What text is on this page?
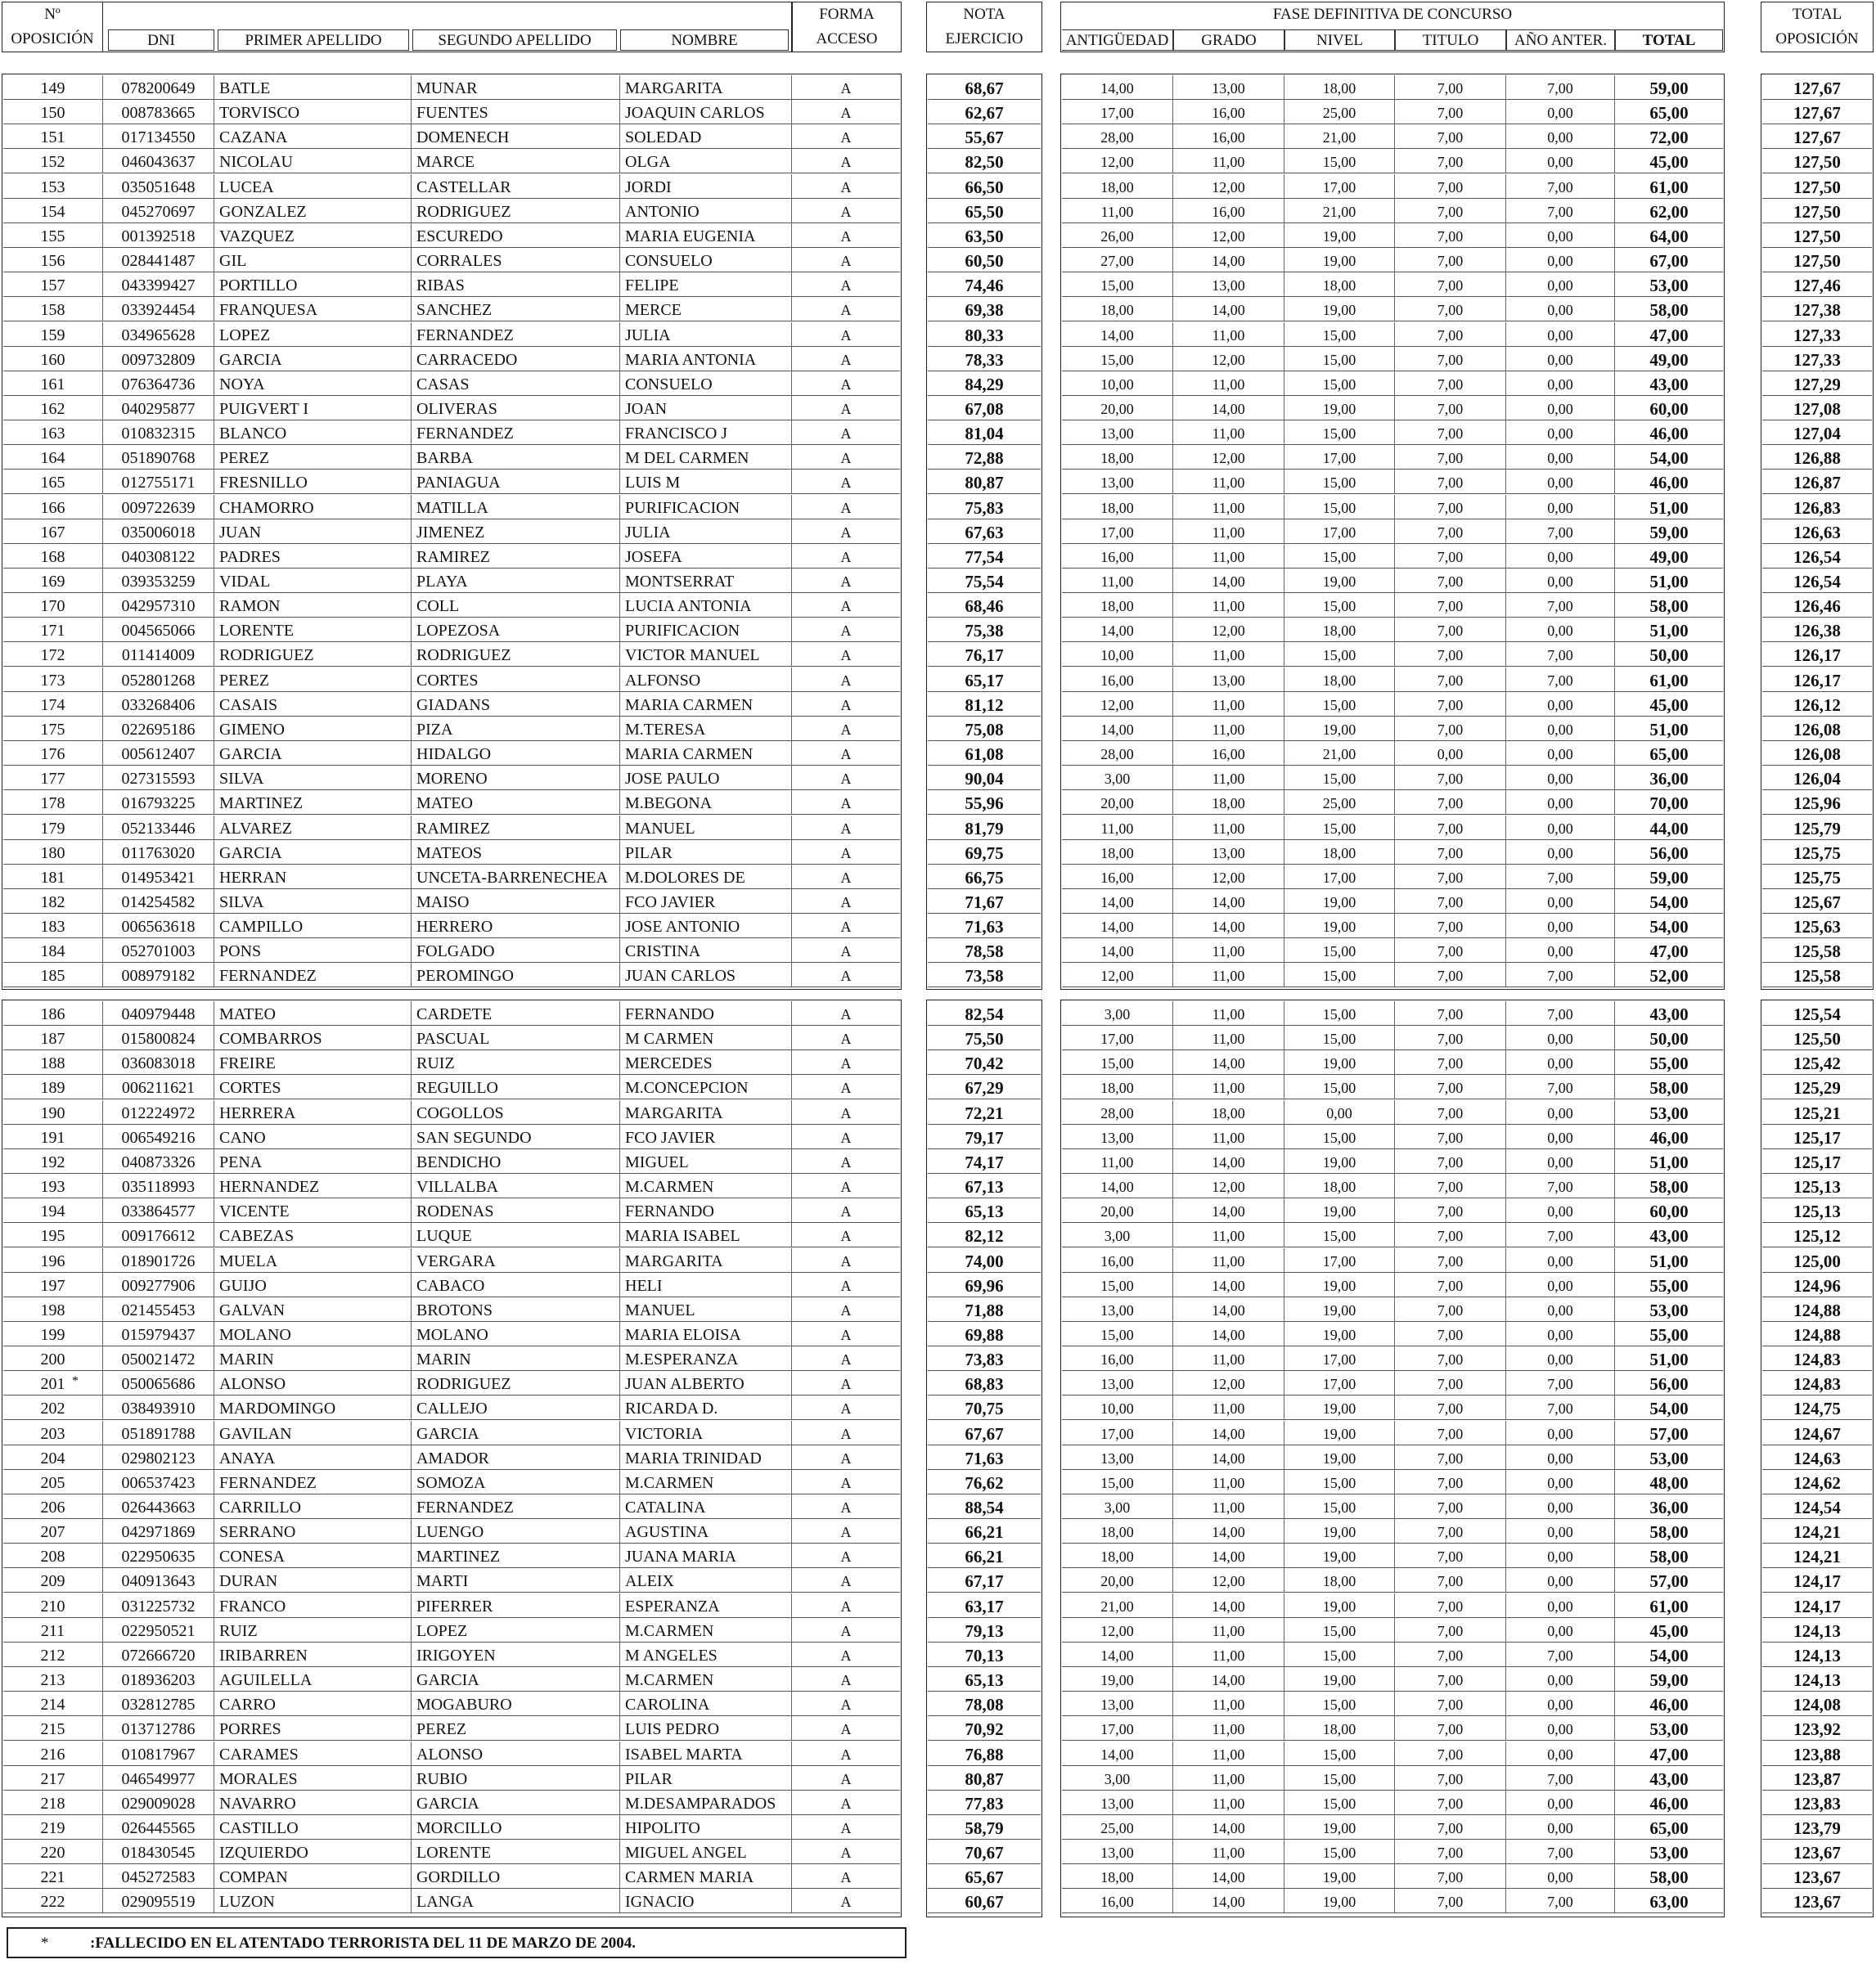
Nº
OPOSICIÓN	DNI	PRIMER APELLIDO	SEGUNDO APELLIDO	NOMBRE
FORMA
ACCESO
NOTA
EJERCICIO
FASE DEFINITIVA DE CONCURSO
ANTIGÜEDAD	GRADO	NIVEL	TITULO	AÑO ANTER.	TOTAL
TOTAL
OPOSICIÓN
149	078200649	BATLE	MUNAR	MARGARITA	A	68,67	14,00	13,00	18,00	7,00	7,00	59,00	127,67
150	008783665	TORVISCO	FUENTES	JOAQUIN CARLOS	A	62,67	17,00	16,00	25,00	7,00	0,00	65,00	127,67
151	017134550	CAZANA	DOMENECH	SOLEDAD	A	55,67	28,00	16,00	21,00	7,00	0,00	72,00	127,67
152	046043637	NICOLAU	MARCE	OLGA	A	82,50	12,00	11,00	15,00	7,00	0,00	45,00	127,50
153	035051648	LUCEA	CASTELLAR	JORDI	A	66,50	18,00	12,00	17,00	7,00	7,00	61,00	127,50
154	045270697	GONZALEZ	RODRIGUEZ	ANTONIO	A	65,50	11,00	16,00	21,00	7,00	7,00	62,00	127,50
155	001392518	VAZQUEZ	ESCUREDO	MARIA EUGENIA	A	63,50	26,00	12,00	19,00	7,00	0,00	64,00	127,50
156	028441487	GIL	CORRALES	CONSUELO	A	60,50	27,00	14,00	19,00	7,00	0,00	67,00	127,50
157	043399427	PORTILLO	RIBAS	FELIPE	A	74,46	15,00	13,00	18,00	7,00	0,00	53,00	127,46
158	033924454	FRANQUESA	SANCHEZ	MERCE	A	69,38	18,00	14,00	19,00	7,00	0,00	58,00	127,38
159	034965628	LOPEZ	FERNANDEZ	JULIA	A	80,33	14,00	11,00	15,00	7,00	0,00	47,00	127,33
160	009732809	GARCIA	CARRACEDO	MARIA ANTONIA	A	78,33	15,00	12,00	15,00	7,00	0,00	49,00	127,33
161	076364736	NOYA	CASAS	CONSUELO	A	84,29	10,00	11,00	15,00	7,00	0,00	43,00	127,29
162	040295877	PUIGVERT I	OLIVERAS	JOAN	A	67,08	20,00	14,00	19,00	7,00	0,00	60,00	127,08
163	010832315	BLANCO	FERNANDEZ	FRANCISCO J	A	81,04	13,00	11,00	15,00	7,00	0,00	46,00	127,04
164	051890768	PEREZ	BARBA	M DEL CARMEN	A	72,88	18,00	12,00	17,00	7,00	0,00	54,00	126,88
165	012755171	FRESNILLO	PANIAGUA	LUIS M	A	80,87	13,00	11,00	15,00	7,00	0,00	46,00	126,87
166	009722639	CHAMORRO	MATILLA	PURIFICACION	A	75,83	18,00	11,00	15,00	7,00	0,00	51,00	126,83
167	035006018	JUAN	JIMENEZ	JULIA	A	67,63	17,00	11,00	17,00	7,00	7,00	59,00	126,63
168	040308122	PADRES	RAMIREZ	JOSEFA	A	77,54	16,00	11,00	15,00	7,00	0,00	49,00	126,54
169	039353259	VIDAL	PLAYA	MONTSERRAT	A	75,54	11,00	14,00	19,00	7,00	0,00	51,00	126,54
170	042957310	RAMON	COLL	LUCIA ANTONIA	A	68,46	18,00	11,00	15,00	7,00	7,00	58,00	126,46
171	004565066	LORENTE	LOPEZOSA	PURIFICACION	A	75,38	14,00	12,00	18,00	7,00	0,00	51,00	126,38
172	011414009	RODRIGUEZ	RODRIGUEZ	VICTOR MANUEL	A	76,17	10,00	11,00	15,00	7,00	7,00	50,00	126,17
173	052801268	PEREZ	CORTES	ALFONSO	A	65,17	16,00	13,00	18,00	7,00	7,00	61,00	126,17
174	033268406	CASAIS	GIADANS	MARIA CARMEN	A	81,12	12,00	11,00	15,00	7,00	0,00	45,00	126,12
175	022695186	GIMENO	PIZA	M.TERESA	A	75,08	14,00	11,00	19,00	7,00	0,00	51,00	126,08
176	005612407	GARCIA	HIDALGO	MARIA CARMEN	A	61,08	28,00	16,00	21,00	0,00	0,00	65,00	126,08
177	027315593	SILVA	MORENO	JOSE PAULO	A	90,04	3,00	11,00	15,00	7,00	0,00	36,00	126,04
178	016793225	MARTINEZ	MATEO	M.BEGONA	A	55,96	20,00	18,00	25,00	7,00	0,00	70,00	125,96
179	052133446	ALVAREZ	RAMIREZ	MANUEL	A	81,79	11,00	11,00	15,00	7,00	0,00	44,00	125,79
180	011763020	GARCIA	MATEOS	PILAR	A	69,75	18,00	13,00	18,00	7,00	0,00	56,00	125,75
181	014953421	HERRAN	UNCETA-BARRENECHEA	M.DOLORES DE	A	66,75	16,00	12,00	17,00	7,00	7,00	59,00	125,75
182	014254582	SILVA	MAISO	FCO JAVIER	A	71,67	14,00	14,00	19,00	7,00	0,00	54,00	125,67
183	006563618	CAMPILLO	HERRERO	JOSE ANTONIO	A	71,63	14,00	14,00	19,00	7,00	0,00	54,00	125,63
184	052701003	PONS	FOLGADO	CRISTINA	A	78,58	14,00	11,00	15,00	7,00	0,00	47,00	125,58
185	008979182	FERNANDEZ	PEROMINGO	JUAN CARLOS	A	73,58	12,00	11,00	15,00	7,00	7,00	52,00	125,58
186	040979448	MATEO	CARDETE	FERNANDO	A	82,54	3,00	11,00	15,00	7,00	7,00	43,00	125,54
187	015800824	COMBARROS	PASCUAL	M CARMEN	A	75,50	17,00	11,00	15,00	7,00	0,00	50,00	125,50
188	036083018	FREIRE	RUIZ	MERCEDES	A	70,42	15,00	14,00	19,00	7,00	0,00	55,00	125,42
189	006211621	CORTES	REGUILLO	M.CONCEPCION	A	67,29	18,00	11,00	15,00	7,00	7,00	58,00	125,29
190	012224972	HERRERA	COGOLLOS	MARGARITA	A	72,21	28,00	18,00	0,00	7,00	0,00	53,00	125,21
191	006549216	CANO	SAN SEGUNDO	FCO JAVIER	A	79,17	13,00	11,00	15,00	7,00	0,00	46,00	125,17
192	040873326	PENA	BENDICHO	MIGUEL	A	74,17	11,00	14,00	19,00	7,00	0,00	51,00	125,17
193	035118993	HERNANDEZ	VILLALBA	M.CARMEN	A	67,13	14,00	12,00	18,00	7,00	7,00	58,00	125,13
194	033864577	VICENTE	RODENAS	FERNANDO	A	65,13	20,00	14,00	19,00	7,00	0,00	60,00	125,13
195	009176612	CABEZAS	LUQUE	MARIA ISABEL	A	82,12	3,00	11,00	15,00	7,00	7,00	43,00	125,12
196	018901726	MUELA	VERGARA	MARGARITA	A	74,00	16,00	11,00	17,00	7,00	0,00	51,00	125,00
197	009277906	GUIJO	CABACO	HELI	A	69,96	15,00	14,00	19,00	7,00	0,00	55,00	124,96
198	021455453	GALVAN	BROTONS	MANUEL	A	71,88	13,00	14,00	19,00	7,00	0,00	53,00	124,88
199	015979437	MOLANO	MOLANO	MARIA ELOISA	A	69,88	15,00	14,00	19,00	7,00	0,00	55,00	124,88
200	050021472	MARIN	MARIN	M.ESPERANZA	A	73,83	16,00	11,00	17,00	7,00	0,00	51,00	124,83
201 *	050065686	ALONSO	RODRIGUEZ	JUAN ALBERTO	A	68,83	13,00	12,00	17,00	7,00	7,00	56,00	124,83
202	038493910	MARDOMINGO	CALLEJO	RICARDA D.	A	70,75	10,00	11,00	19,00	7,00	7,00	54,00	124,75
203	051891788	GAVILAN	GARCIA	VICTORIA	A	67,67	17,00	14,00	19,00	7,00	0,00	57,00	124,67
204	029802123	ANAYA	AMADOR	MARIA TRINIDAD	A	71,63	13,00	14,00	19,00	7,00	0,00	53,00	124,63
205	006537423	FERNANDEZ	SOMOZA	M.CARMEN	A	76,62	15,00	11,00	15,00	7,00	0,00	48,00	124,62
206	026443663	CARRILLO	FERNANDEZ	CATALINA	A	88,54	3,00	11,00	15,00	7,00	0,00	36,00	124,54
207	042971869	SERRANO	LUENGO	AGUSTINA	A	66,21	18,00	14,00	19,00	7,00	0,00	58,00	124,21
208	022950635	CONESA	MARTINEZ	JUANA MARIA	A	66,21	18,00	14,00	19,00	7,00	0,00	58,00	124,21
209	040913643	DURAN	MARTI	ALEIX	A	67,17	20,00	12,00	18,00	7,00	0,00	57,00	124,17
210	031225732	FRANCO	PIFERRER	ESPERANZA	A	63,17	21,00	14,00	19,00	7,00	0,00	61,00	124,17
211	022950521	RUIZ	LOPEZ	M.CARMEN	A	79,13	12,00	11,00	15,00	7,00	0,00	45,00	124,13
212	072666720	IRIBARREN	IRIGOYEN	M ANGELES	A	70,13	14,00	11,00	15,00	7,00	7,00	54,00	124,13
213	018936203	AGUILELLA	GARCIA	M.CARMEN	A	65,13	19,00	14,00	19,00	7,00	0,00	59,00	124,13
214	032812785	CARRO	MOGABURO	CAROLINA	A	78,08	13,00	11,00	15,00	7,00	0,00	46,00	124,08
215	013712786	PORRES	PEREZ	LUIS PEDRO	A	70,92	17,00	11,00	18,00	7,00	0,00	53,00	123,92
216	010817967	CARAMES	ALONSO	ISABEL MARTA	A	76,88	14,00	11,00	15,00	7,00	0,00	47,00	123,88
217	046549977	MORALES	RUBIO	PILAR	A	80,87	3,00	11,00	15,00	7,00	7,00	43,00	123,87
218	029009028	NAVARRO	GARCIA	M.DESAMPARADOS	A	77,83	13,00	11,00	15,00	7,00	0,00	46,00	123,83
219	026445565	CASTILLO	MORCILLO	HIPOLITO	A	58,79	25,00	14,00	19,00	7,00	0,00	65,00	123,79
220	018430545	IZQUIERDO	LORENTE	MIGUEL ANGEL	A	70,67	13,00	11,00	15,00	7,00	7,00	53,00	123,67
221	045272583	COMPAN	GORDILLO	CARMEN MARIA	A	65,67	18,00	14,00	19,00	7,00	0,00	58,00	123,67
222	029095519	LUZON	LANGA	IGNACIO	A	60,67	16,00	14,00	19,00	7,00	7,00	63,00	123,67
*	:FALLECIDO EN EL ATENTADO TERRORISTA DEL 11 DE MARZO DE 2004.
